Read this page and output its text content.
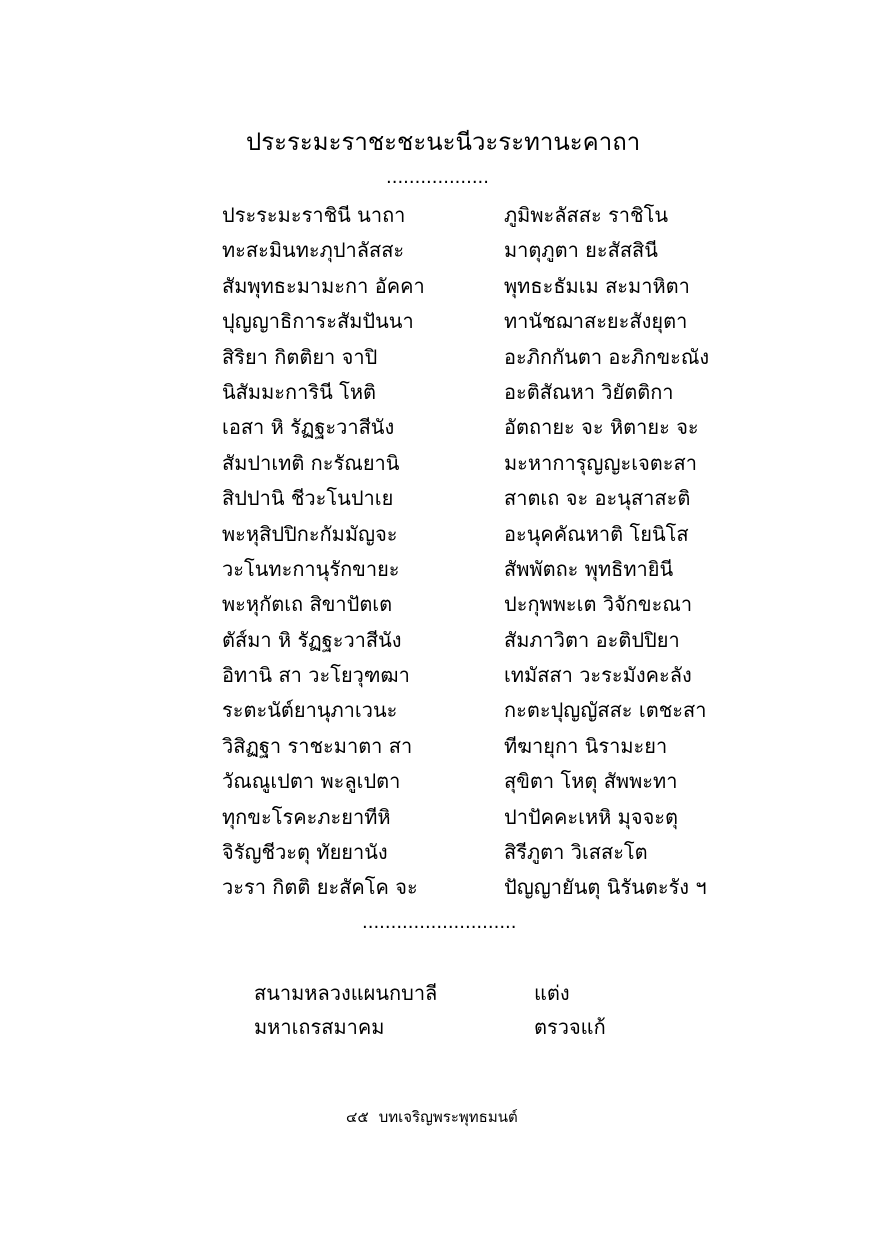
ประระมะราชะชะนะนีวะระทานะคาถา
..................
ประระมะราชินี นาถา	ภูมิพะลัสสะ ราชิโน
ทะสะมินทะภุปาลัสสะ	มาตุภูตา ยะสัสสินี
สัมพุทธะมามะกา อัคคา	พุทธะธัมเม สะมาหิตา
ปุญญาธิการะสัมปันนา	ทานัชฌาสะยะสังยุตา
สิริยา กิตติยา จาปิ	อะภิกกันตา อะภิกขะณัง
นิสัมมะการินี โหติ	อะติสัณหา วิยัตติกา
เอสา หิ รัฏฐะวาสีนัง	อัตถายะ จะ หิตายะ จะ
สัมปาเทติ กะรัณยานิ	มะหาการุญญะเจตะสา
สิปปานิ ชีวะโนปาเย	สาตเถ จะ อะนุสาสะติ
พะหุสิปปิกะกัมมัญจะ	อะนุคคัณหาติ โยนิโส
วะโนทะกานุรักขายะ	สัพพัตถะ พุทธิทายินี
พะหุกัตเถ สิขาปัตเต	ปะกุพพะเต วิจักขะณา
ตัส์มา หิ รัฏฐะวาสีนัง	สัมภาวิตา อะติปปิยา
อิทานิ สา วะโยวุฑฒา	เทมัสสา วะระมังคะลัง
ระตะนัต์ยานุภาเวนะ	กะตะปุญญัสสะ เตชะสา
วิสิฏฐา ราชะมาตา สา	ทีฆายุกา นิรามะยา
วัณณูเปตา พะลูเปตา	สุขิตา โหตุ สัพพะทา
ทุกขะโรคะภะยาทีหิ	ปาปัคคะเหหิ มุจจะตุ
จิรัญชีวะตุ ทัยยานัง	สิรีภูตา วิเสสะโต
วะรา กิตติ ยะสัคโค จะ	ปัญญายันตุ นิรันตะรัง ฯ
...........................
สนามหลวงแผนกบาลี	แต่ง
มหาเถรสมาคม	ตรวจแก้
๔๕ บทเจริญพระพุทธมนต์
